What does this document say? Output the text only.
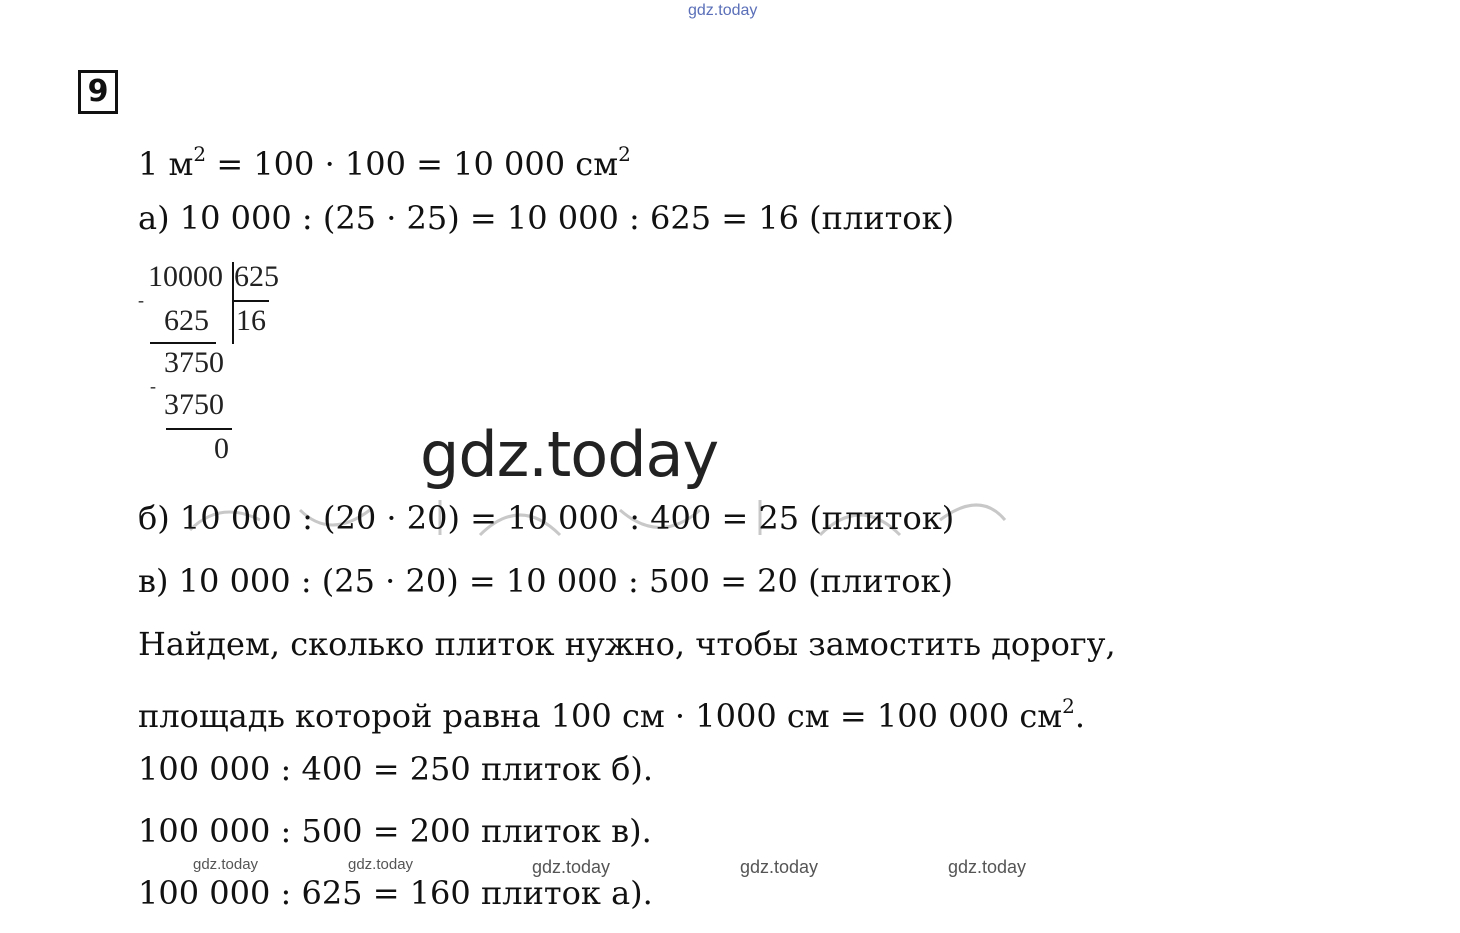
gdz.today
9
1 $м^2 = 100 \cdot 100 = 10$ 000 $см^2$
а) 10 000 : (25 · 25) = 10 000 : 625 = 16 (плиток)
10000 625
16
-
625
3750
-
3750
0	gdz.today
б) 10 000 : (20 · 20) = 10 000 : 400 = 25 (плиток)
в) 10 000 : (25 · 20) = 10 000 : 500 = 20 (плиток)
Найдем, сколько плиток нужно, чтобы замостить дорогу,
площадь которой равна 100 см · 1000 см = 100 000 $см^2$.
100 000 : 400 = 250 плиток б).
100 000 : 500 = 200 плиток в).
gdz.today	gdz.today	gdz.today	gdz.today	gdz.today
100 000 : 625 = 160 плиток а).
